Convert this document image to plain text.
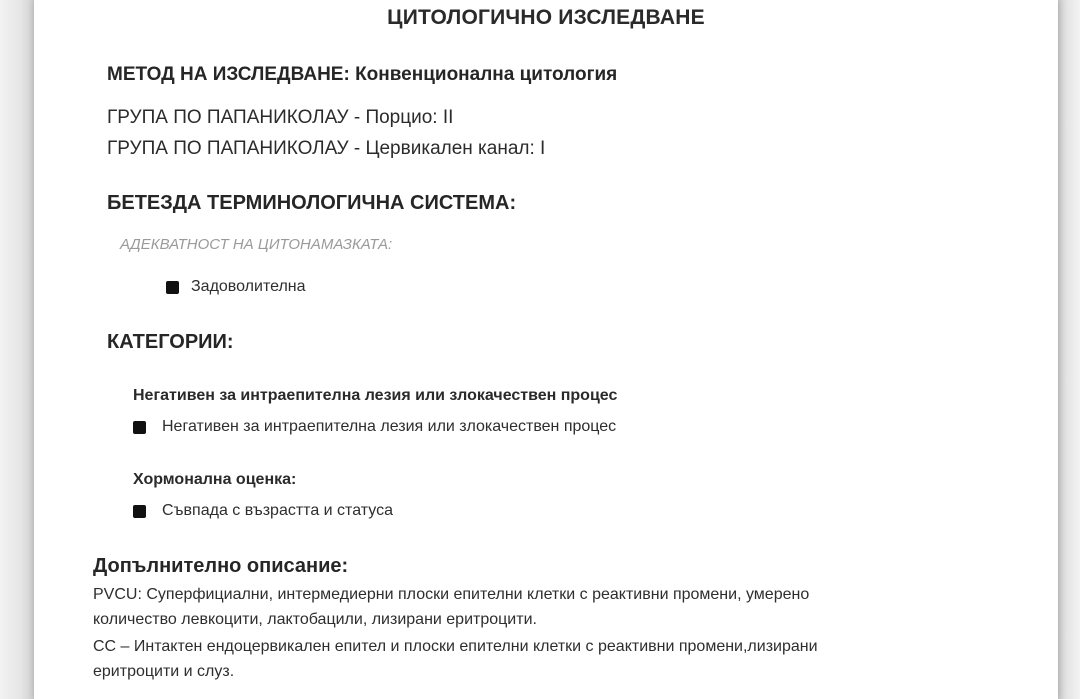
ЦИТОЛОГИЧНО ИЗСЛЕДВАНЕ
МЕТОД НА ИЗСЛЕДВАНЕ: Конвенционална цитология
ГРУПА ПО ПАПАНИКОЛАУ - Порцио: II
ГРУПА ПО ПАПАНИКОЛАУ - Цервикален канал: I
БЕТЕЗДА ТЕРМИНОЛОГИЧНА СИСТЕМА:
АДЕКВАТНОСТ НА ЦИТОНАМАЗКАТА:
Задоволителна
КАТЕГОРИИ:
Негативен за интраепителна лезия или злокачествен процес
Негативен за интраепителна лезия или злокачествен процес
Хормонална оценка:
Съвпада с възрастта и статуса
Допълнително описание:
PVCU: Суперфициални, интермедиерни плоски епителни клетки с реактивни промени, умерено
количество левкоцити, лактобацили, лизирани еритроцити.
CC – Интактен ендоцервикален епител и плоски епителни клетки с реактивни промени,лизирани
еритроцити и слуз.
